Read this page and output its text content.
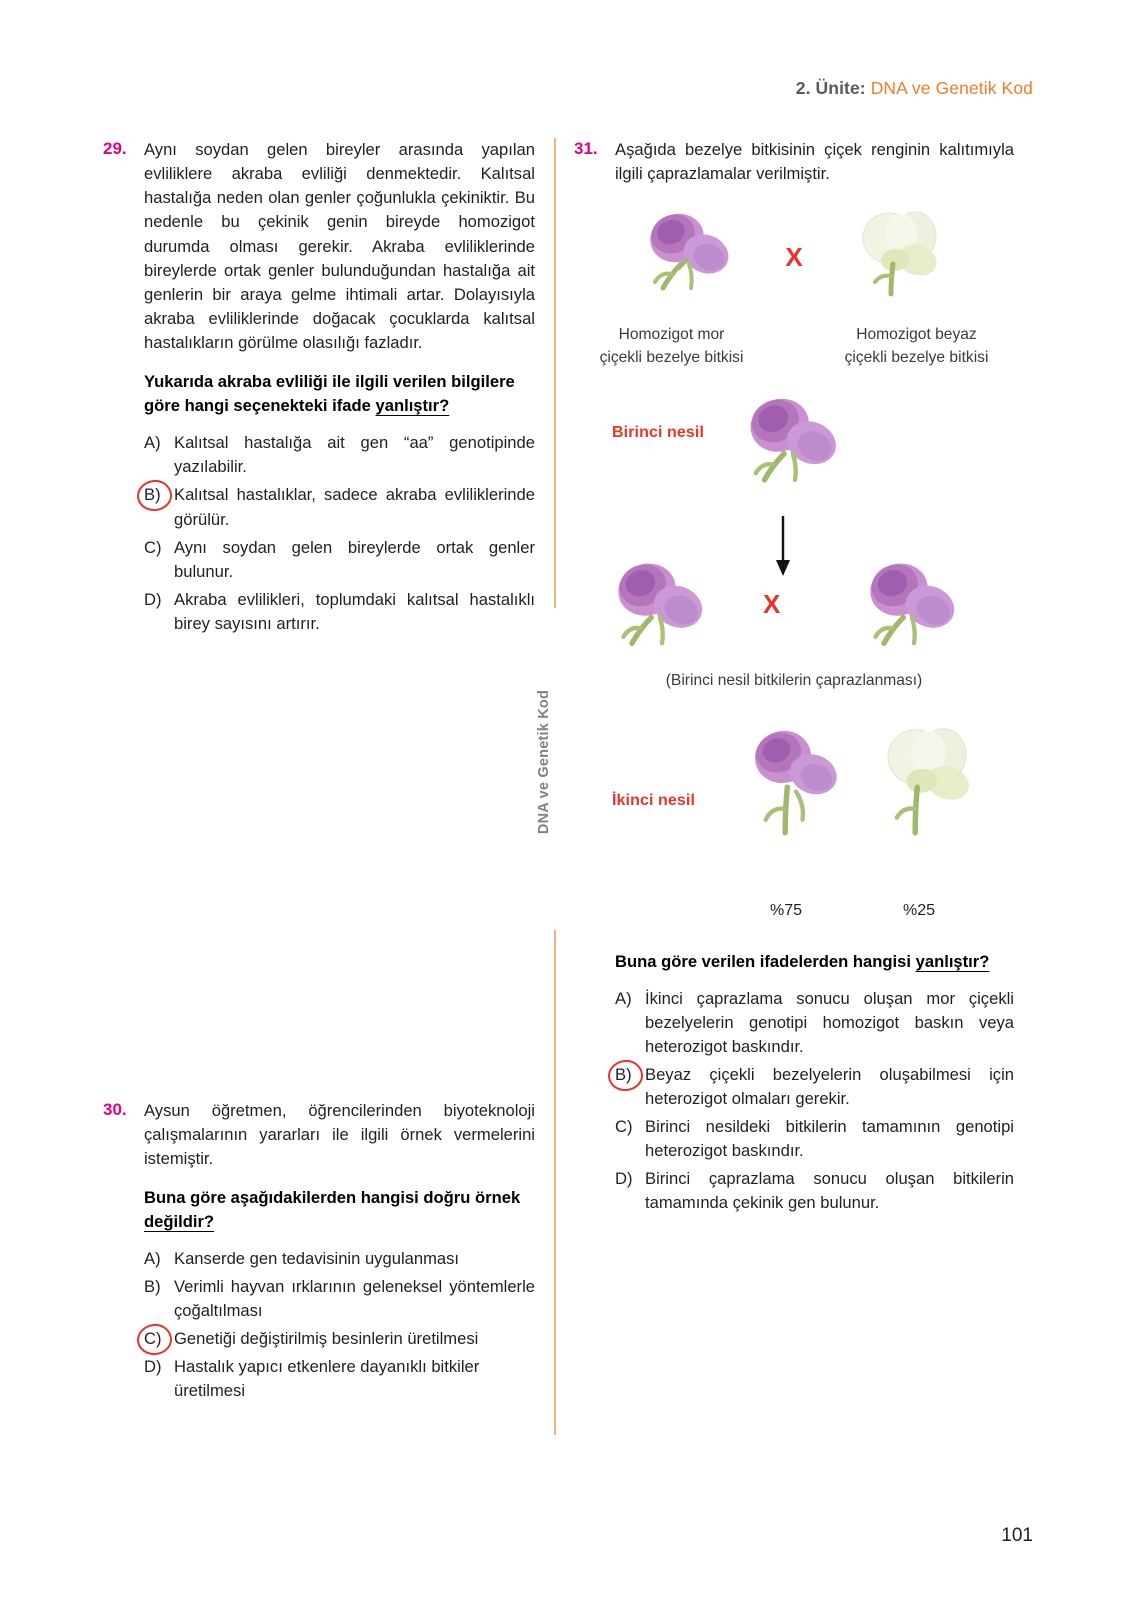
2. Ünite: DNA ve Genetik Kod
DNA ve Genetik Kod
29.	Aynı soydan gelen bireyler arasında yapılan evliliklere akraba evliliği denmektedir. Kalıtsal hastalığa neden olan genler çoğunlukla çekiniktir. Bu nedenle bu çekinik genin bireyde homozigot durumda olması gerekir. Akraba evliliklerinde bireylerde ortak genler bulunduğundan hastalığa ait genlerin bir araya gelme ihtimali artar. Dolayısıyla akraba evliliklerinde doğacak çocuklarda kalıtsal hastalıkların görülme olasılığı fazladır.
Yukarıda akraba evliliği ile ilgili verilen bilgilere göre hangi seçenekteki ifade yanlıştır?
A) Kalıtsal hastalığa ait gen “aa” genotipinde yazılabilir.
B) Kalıtsal hastalıklar, sadece akraba evliliklerinde görülür.
C) Aynı soydan gelen bireylerde ortak genler bulunur.
D) Akraba evlilikleri, toplumdaki kalıtsal hastalıklı birey sayısını artırır.
30.	Aysun öğretmen, öğrencilerinden biyoteknoloji çalışmalarının yararları ile ilgili örnek vermelerini istemiştir.
Buna göre aşağıdakilerden hangisi doğru örnek değildir?
A) Kanserde gen tedavisinin uygulanması
B) Verimli hayvan ırklarının geleneksel yöntemlerle çoğaltılması
C) Genetiği değiştirilmiş besinlerin üretilmesi
D) Hastalık yapıcı etkenlere dayanıklı bitkiler üretilmesi
31.	Aşağıda bezelye bitkisinin çiçek renginin kalıtımıyla ilgili çaprazlamalar verilmiştir.
X
Homozigot mor
çiçekli bezelye bitkisi
Homozigot beyaz
çiçekli bezelye bitkisi
Birinci nesil
X
(Birinci nesil bitkilerin çaprazlanması)
İkinci nesil
%75	%25
Buna göre verilen ifadelerden hangisi yanlıştır?
A) İkinci çaprazlama sonucu oluşan mor çiçekli bezelyelerin genotipi homozigot baskın veya heterozigot baskındır.
B) Beyaz çiçekli bezelyelerin oluşabilmesi için heterozigot olmaları gerekir.
C) Birinci nesildeki bitkilerin tamamının genotipi heterozigot baskındır.
D) Birinci çaprazlama sonucu oluşan bitkilerin tamamında çekinik gen bulunur.
101
